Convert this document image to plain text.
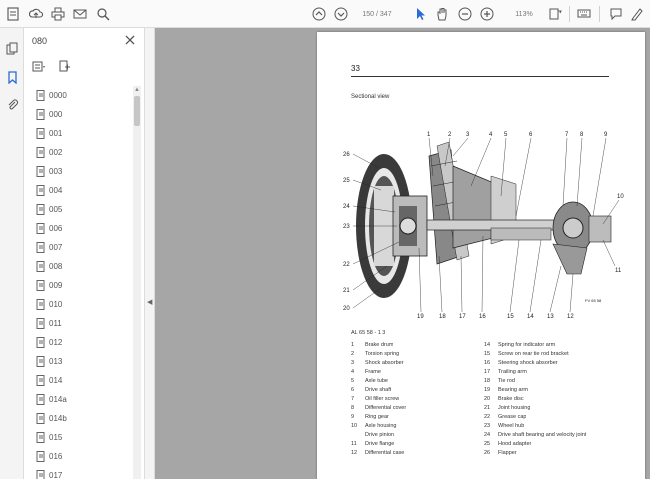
150 / 347	113%
080
0000
000
001
002
003
004
005
006
007
008
009
010
011
012
013
014
014a
014b
015
016
017
▲
◀
33
Sectional view
1	2 3	4 5	6	7 8	9
10
11
26
25
24
23
22
21
20
19	18 17 16	15 14 13 12
FV 65 58
AL 65 58 - 1 3
1	Brake drum
2	Torsion spring
3	Shock absorber
4	Frame
5	Axle tube
6	Drive shaft
7	Oil filler screw
8	Differential cover
9	Ring gear
10	Axle housing
Drive pinion
11	Drive flange
12	Differential case
14	Spring for indicator arm
15	Screw on rear tie rod bracket
16	Steering shock absorber
17	Trailing arm
18	Tie rod
19	Bearing arm
20	Brake disc
21	Joint housing
22	Grease cap
23	Wheel hub
24	Drive shaft bearing and velocity joint
25	Hood adapter
26	Flapper
